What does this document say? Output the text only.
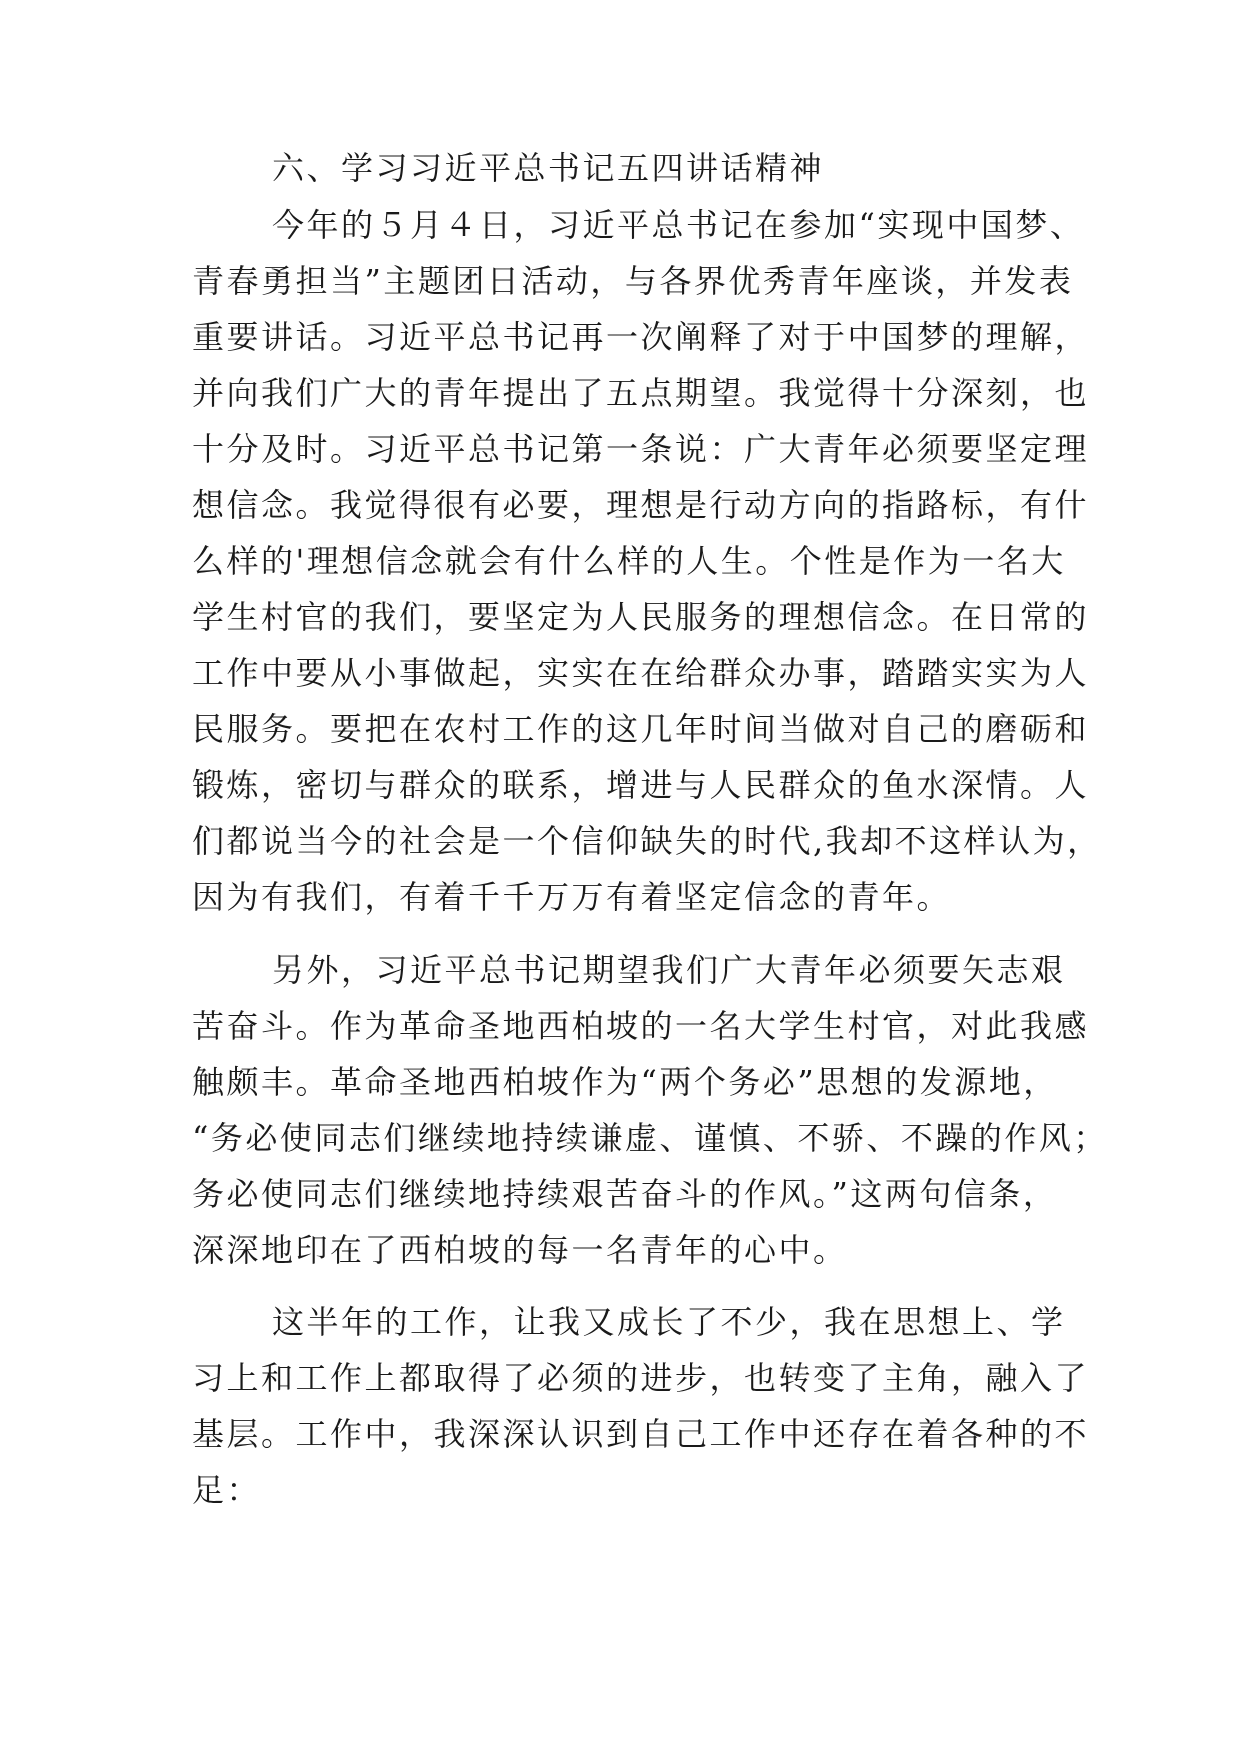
六、学习习近平总书记五四讲话精神
今年的５月４日，习近平总书记在参加“实现中国梦、
青春勇担当”主题团日活动，与各界优秀青年座谈，并发表
重要讲话。习近平总书记再一次阐释了对于中国梦的理解，
并向我们广大的青年提出了五点期望。我觉得十分深刻，也
十分及时。习近平总书记第一条说：广大青年必须要坚定理
想信念。我觉得很有必要，理想是行动方向的指路标，有什
么样的'理想信念就会有什么样的人生。个性是作为一名大
学生村官的我们，要坚定为人民服务的理想信念。在日常的
工作中要从小事做起，实实在在给群众办事，踏踏实实为人
民服务。要把在农村工作的这几年时间当做对自己的磨砺和
锻炼，密切与群众的联系，增进与人民群众的鱼水深情。人
们都说当今的社会是一个信仰缺失的时代,我却不这样认为，
因为有我们，有着千千万万有着坚定信念的青年。
另外，习近平总书记期望我们广大青年必须要矢志艰
苦奋斗。作为革命圣地西柏坡的一名大学生村官，对此我感
触颇丰。革命圣地西柏坡作为“两个务必”思想的发源地，
“务必使同志们继续地持续谦虚、谨慎、不骄、不躁的作风；
务必使同志们继续地持续艰苦奋斗的作风。”这两句信条，
深深地印在了西柏坡的每一名青年的心中。
这半年的工作，让我又成长了不少，我在思想上、学
习上和工作上都取得了必须的进步，也转变了主角，融入了
基层。工作中，我深深认识到自己工作中还存在着各种的不
足：
